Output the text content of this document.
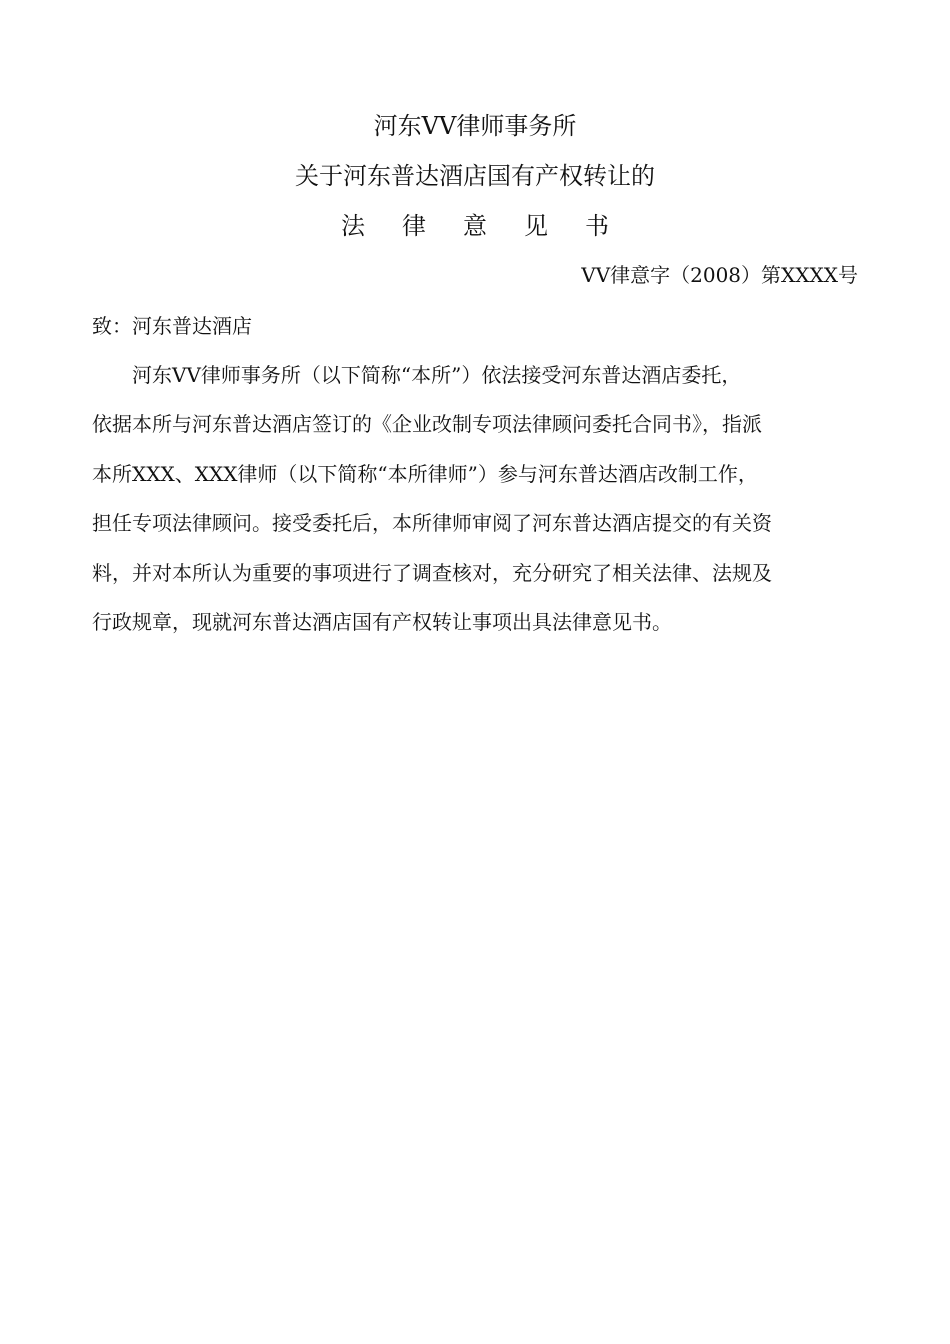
河东VV律师事务所
关于河东普达酒店国有产权转让的
法律意见书
VV律意字（2008）第XXXX号
致：河东普达酒店
河东VV律师事务所（以下简称“本所”）依法接受河东普达酒店委托，
依据本所与河东普达酒店签订的《企业改制专项法律顾问委托合同书》，指派
本所XXX、XXX律师（以下简称“本所律师”）参与河东普达酒店改制工作，
担任专项法律顾问。接受委托后，本所律师审阅了河东普达酒店提交的有关资
料，并对本所认为重要的事项进行了调查核对，充分研究了相关法律、法规及
行政规章，现就河东普达酒店国有产权转让事项出具法律意见书。
